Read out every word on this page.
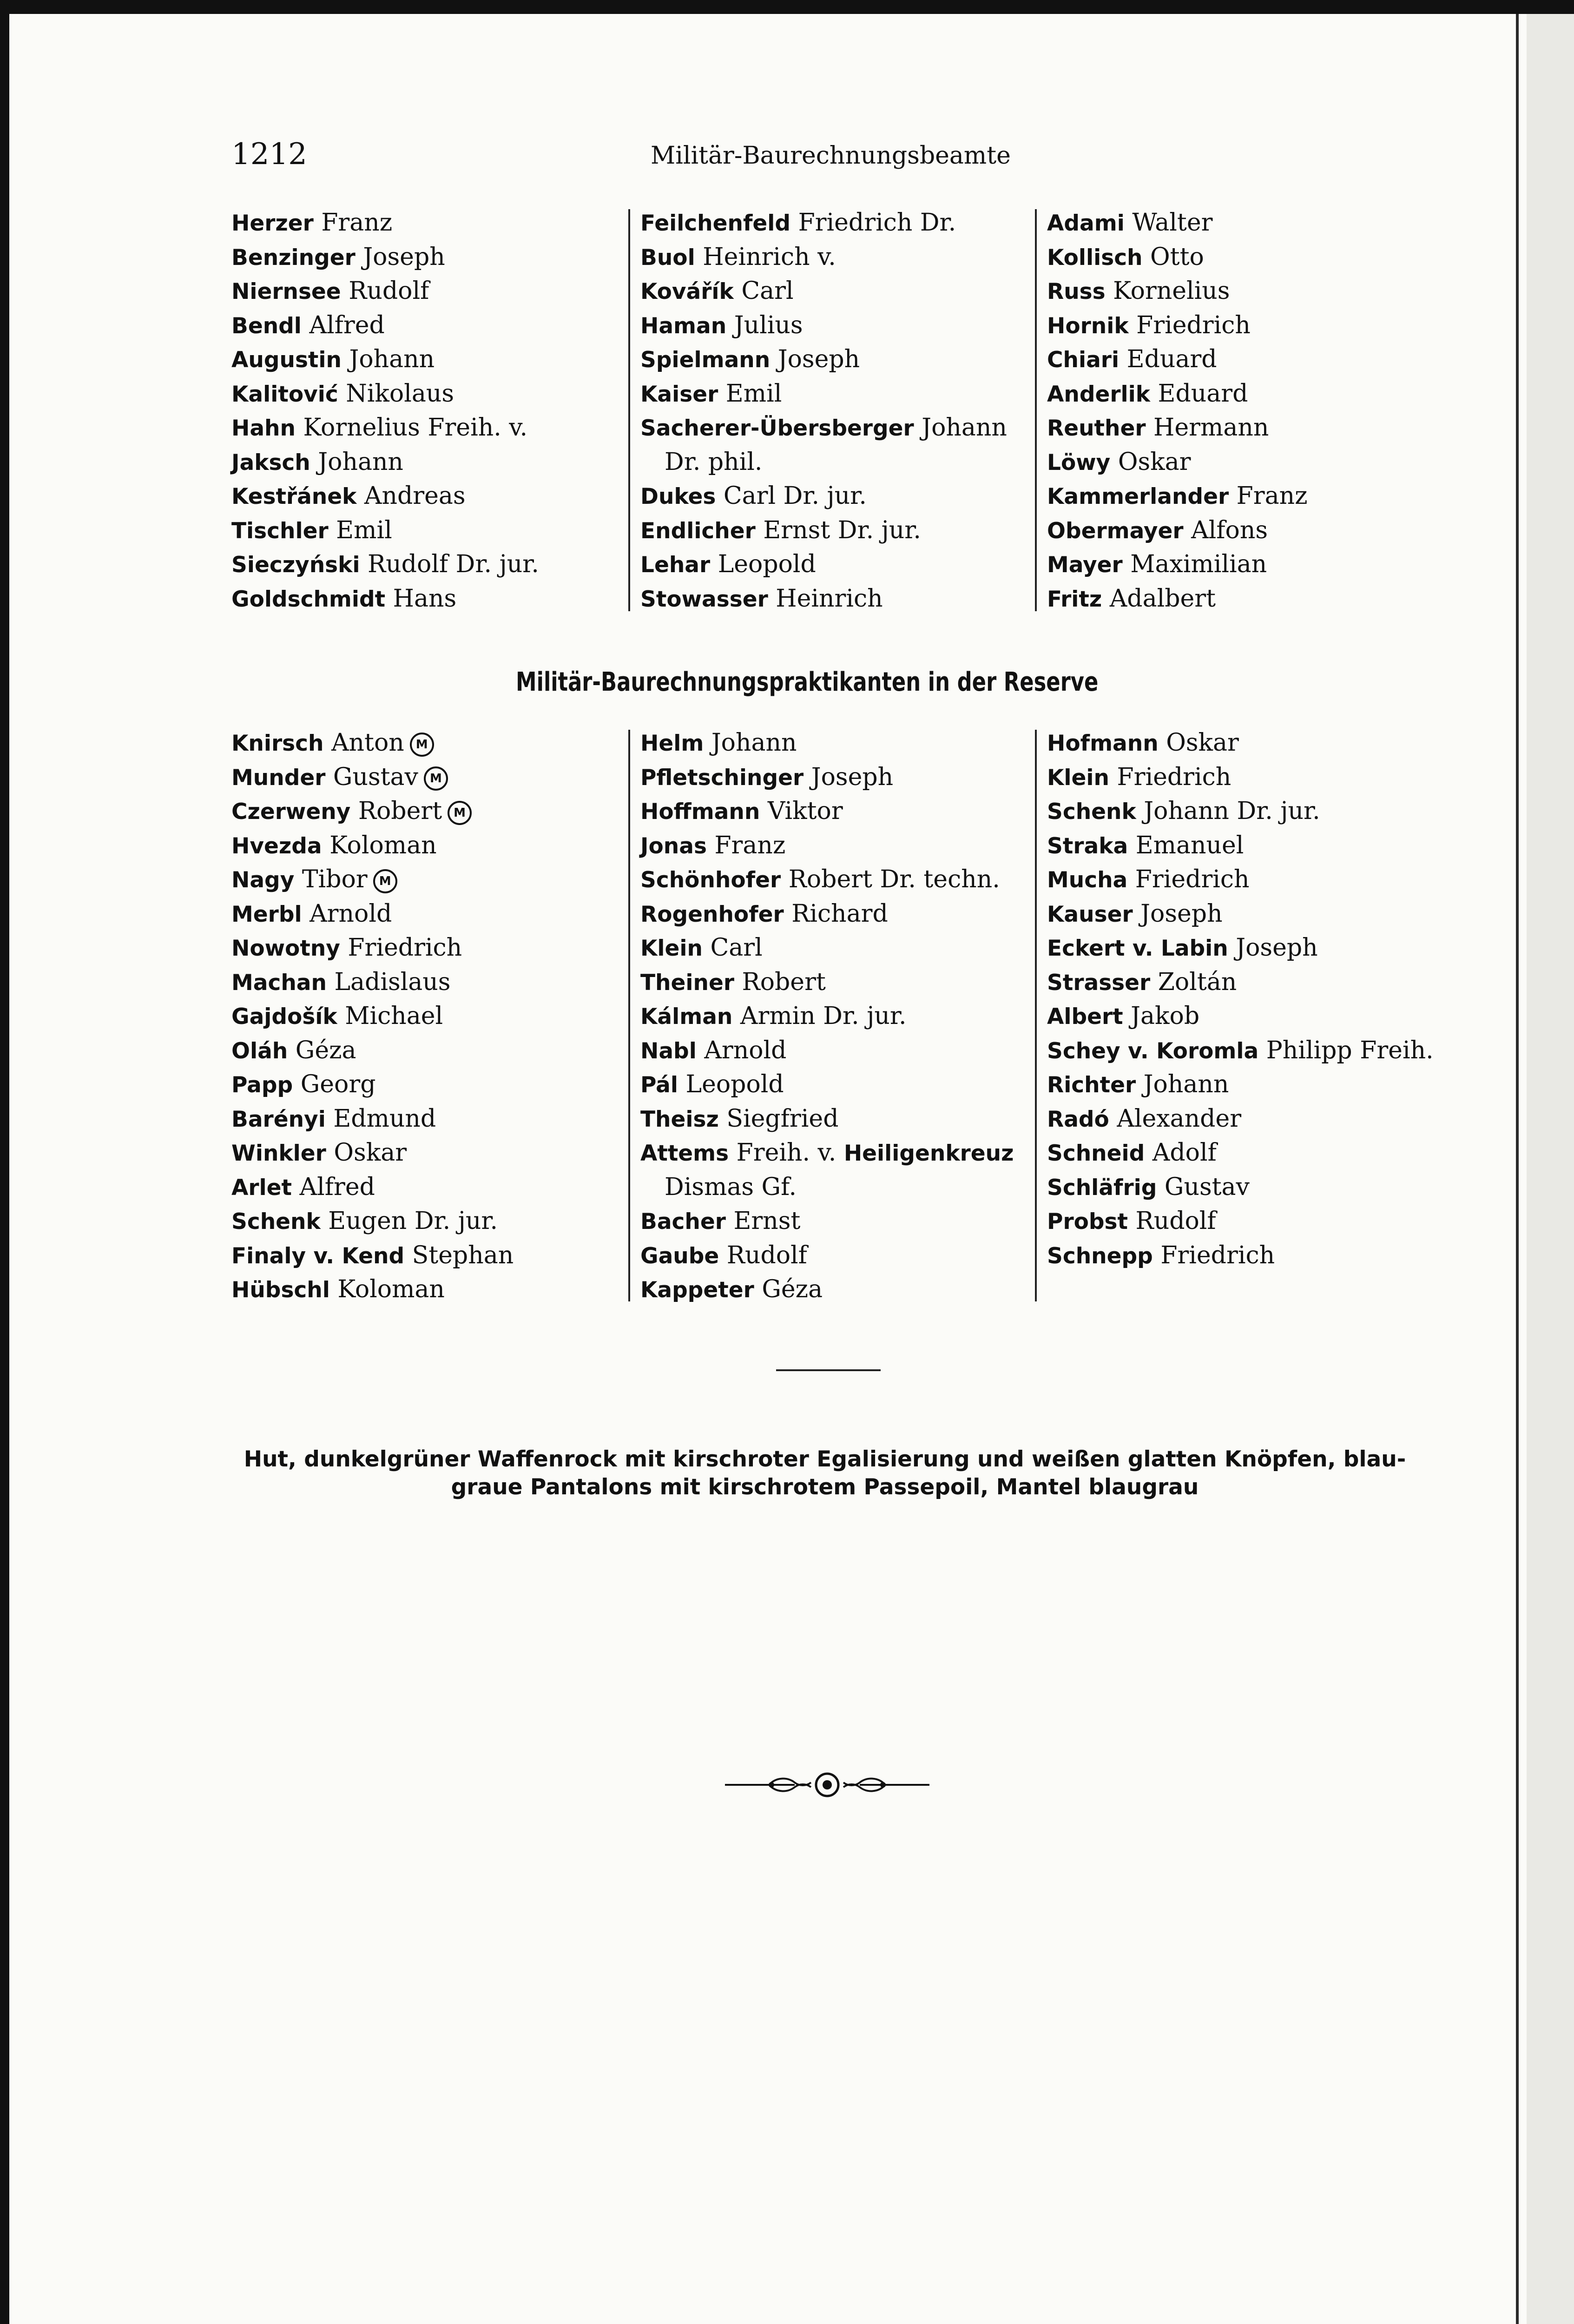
1212	Militär-Baurechnungsbeamte
Herzer Franz
Benzinger Joseph
Niernsee Rudolf
Bendl Alfred
Augustin Johann
Kalitović Nikolaus
Hahn Kornelius Freih. v.
Jaksch Johann
Kestřánek Andreas
Tischler Emil
Sieczyński Rudolf Dr. jur.
Goldschmidt Hans
Feilchenfeld Friedrich Dr.
Buol Heinrich v.
Kovářík Carl
Haman Julius
Spielmann Joseph
Kaiser Emil
Sacherer-Übersberger Johann
Dr. phil.
Dukes Carl Dr. jur.
Endlicher Ernst Dr. jur.
Lehar Leopold
Stowasser Heinrich
Adami Walter
Kollisch Otto
Russ Kornelius
Hornik Friedrich
Chiari Eduard
Anderlik Eduard
Reuther Hermann
Löwy Oskar
Kammerlander Franz
Obermayer Alfons
Mayer Maximilian
Fritz Adalbert
Militär-Baurechnungspraktikanten in der Reserve
Knirsch Anton M
Munder Gustav M
Czerweny Robert M
Hvezda Koloman
Nagy Tibor M
Merbl Arnold
Nowotny Friedrich
Machan Ladislaus
Gajdošík Michael
Oláh Géza
Papp Georg
Barényi Edmund
Winkler Oskar
Arlet Alfred
Schenk Eugen Dr. jur.
Finaly v. Kend Stephan
Hübschl Koloman
Helm Johann
Pfletschinger Joseph
Hoffmann Viktor
Jonas Franz
Schönhofer Robert Dr. techn.
Rogenhofer Richard
Klein Carl
Theiner Robert
Kálman Armin Dr. jur.
Nabl Arnold
Pál Leopold
Theisz Siegfried
Attems Freih. v. Heiligenkreuz
Dismas Gf.
Bacher Ernst
Gaube Rudolf
Kappeter Géza
Hofmann Oskar
Klein Friedrich
Schenk Johann Dr. jur.
Straka Emanuel
Mucha Friedrich
Kauser Joseph
Eckert v. Labin Joseph
Strasser Zoltán
Albert Jakob
Schey v. Koromla Philipp Freih.
Richter Johann
Radó Alexander
Schneid Adolf
Schläfrig Gustav
Probst Rudolf
Schnepp Friedrich
Hut, dunkelgrüner Waffenrock mit kirschroter Egalisierung und weißen glatten Knöpfen, blau-
graue Pantalons mit kirschrotem Passepoil, Mantel blaugrau
